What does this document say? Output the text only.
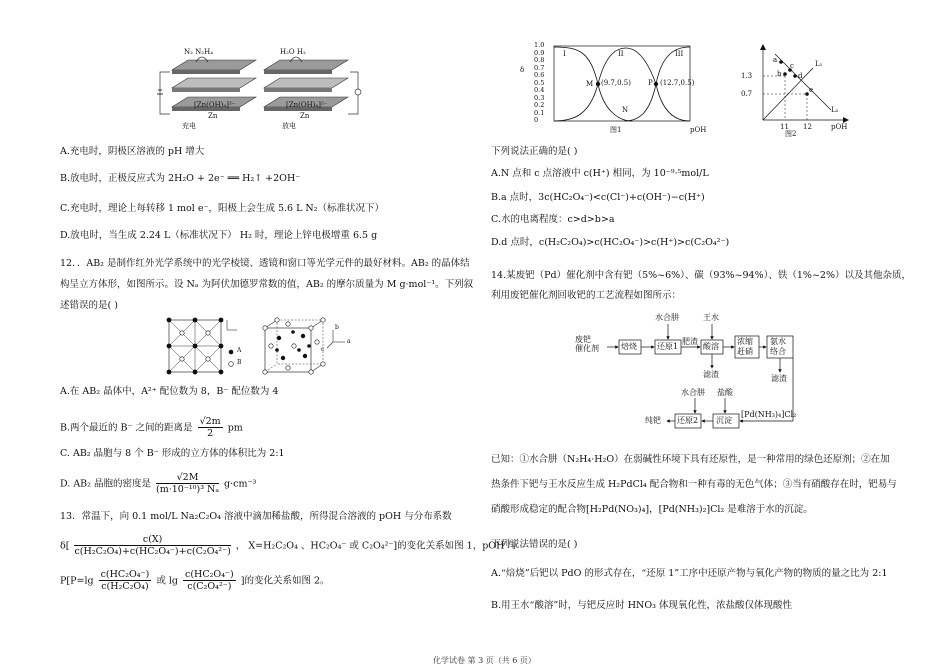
N₂ N₂H₄	H₂O H₂
[Zn(OH)₄]²⁻	[Zn(OH)₄]²⁻
Zn	Zn
充电	放电
A.充电时，阴极区溶液的 pH 增大
B.放电时，正极反应式为 2H₂O + 2e⁻ ══ H₂↑ +2OH⁻
C.充电时，理论上每转移 1 mol e⁻，阳极上会生成 5.6 L N₂（标准状况下）
D.放电时，当生成 2.24 L（标准状况下） H₂ 时，理论上锌电极增重 6.5 g
12．．AB₂ 是制作红外光学系统中的光学棱镜、透镜和窗口等光学元件的最好材料。AB₂ 的晶体结
构呈立方体形，如图所示。设 Nₐ 为阿伏加德罗常数的值，AB₂ 的摩尔质量为 M g·mol⁻¹。下列叙
述错误的是( )
A
B
a
b
c
A.在 AB₂ 晶体中，A²⁺ 配位数为 8，B⁻ 配位数为 4
B.两个最近的 B⁻ 之间的距离是 $\frac{√2m}{2}$ pm
C. AB₂ 晶胞与 8 个 B⁻ 形成的立方体的体积比为 2:1
D. AB₂ 晶胞的密度是 $\frac{√2M}{\text{(m·10⁻¹⁰)³ Nₐ}} g\cdot cm^{-3}$
13．常温下，向 0.1 mol/L Na₂C₂O₄ 溶液中滴加稀盐酸，所得混合溶液的 pOH 与分布系数
$\delta[ \frac{c(X)}{\text{c(H₂C₂O₄)+c(HC₂O₄⁻)+c(C₂O₄²⁻)}}$ ， X=H₂C₂O₄ 、HC₂O₄⁻ 或 C₂O₄²⁻]的变化关系如图 1，pOH 与
$P[P=\lg \frac{\text{c(HC₂O₄⁻)}}{\text{c(H₂C₂O₄)}}$ 或 $\lg \frac{\text{c(HC₂O₄⁻)}}{\text{c(C₂O₄²⁻)}}$ ]的变化关系如图 2。
δ
1.0
0.9
0.8
0.7
0.6
0.5
0.4
0.3
0.2
0.1
0
I	II	III
M (9.7,0.5) P (12.7,0.5)
N
图1	pOH
1.3
0.7
11 12
a
b
c
d
e
L₁
L₂
图2
pOH
下列说法正确的是( )
A.N 点和 c 点溶液中 c(H⁺) 相同，为 10⁻⁹·⁵mol/L
B.a 点时，3c(HC₂O₄⁻)<c(Cl⁻)+c(OH⁻)−c(H⁺)
C.水的电离程度：c>d>b>a
D.d 点时，c(H₂C₂O₄)>c(HC₂O₄⁻)>c(H⁺)>c(C₂O₄²⁻)
14.某废钯（Pd）催化剂中含有钯（5%~6%）、碳（93%~94%）、铁（1%~2%）以及其他杂质，
利用废钯催化剂回收钯的工艺流程如图所示：
废钯
催化剂	焙烧	还原1	酸溶
浓缩
赶硝
氨水
络合
沉淀
还原2
水合肼	王水
肥渣
滤渣	滤渣
水合肼 盐酸
[Pd(NH₃)₄]Cl₂
纯钯
已知：①水合肼（N₂H₄·H₂O）在弱碱性环境下具有还原性，是一种常用的绿色还原剂；②在加
热条件下钯与王水反应生成 H₂PdCl₄ 配合物和一种有毒的无色气体；③当有硝酸存在时，钯易与
硝酸形成稳定的配合物[H₂Pd(NO₃)₄]，[Pd(NH₃)₂]Cl₂ 是难溶于水的沉淀。
下列说法错误的是( )
A.“焙烧”后钯以 PdO 的形式存在，“还原 1”工序中还原产物与氧化产物的物质的量之比为 2:1
B.用王水“酸溶”时，与钯反应时 HNO₃ 体现氧化性，浓盐酸仅体现酸性
化学试卷 第 3 页（共 6 页）
